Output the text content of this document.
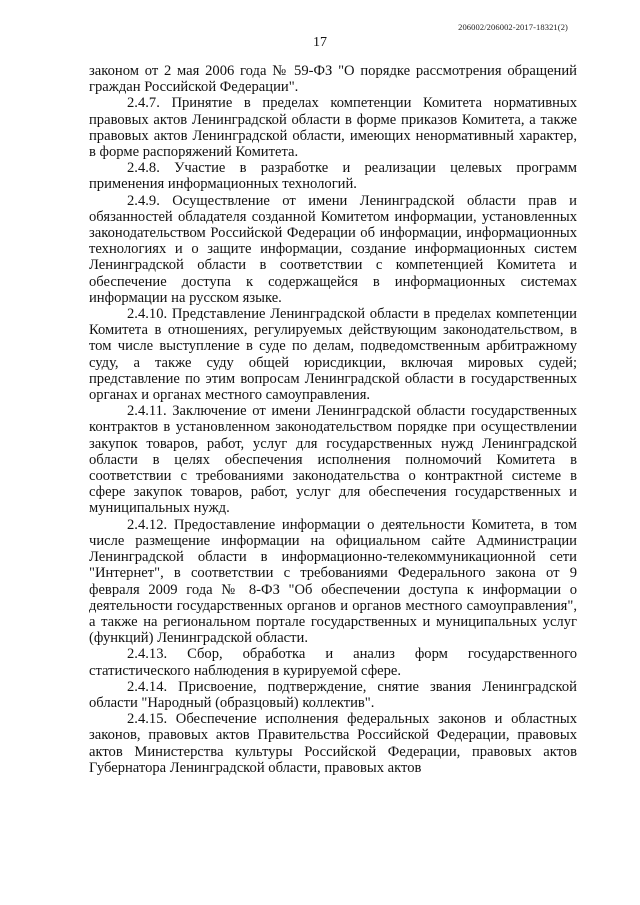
206002/206002-2017-18321(2)
17

законом от 2 мая 2006 года № 59-ФЗ "О порядке рассмотрения обращений граждан Российской Федерации".

2.4.7. Принятие в пределах компетенции Комитета нормативных правовых актов Ленинградской области в форме приказов Комитета, а также правовых актов Ленинградской области, имеющих ненормативный характер, в форме распоряжений Комитета.

2.4.8. Участие в разработке и реализации целевых программ применения информационных технологий.

2.4.9. Осуществление от имени Ленинградской области прав и обязанностей обладателя созданной Комитетом информации, установленных законодательством Российской Федерации об информации, информационных технологиях и о защите информации, создание информационных систем Ленинградской области в соответствии с компетенцией Комитета и обеспечение доступа к содержащейся в информационных системах информации на русском языке.

2.4.10. Представление Ленинградской области в пределах компетенции Комитета в отношениях, регулируемых действующим законодательством, в том числе выступление в суде по делам, подведомственным арбитражному суду, а также суду общей юрисдикции, включая мировых судей; представление по этим вопросам Ленинградской области в государственных органах и органах местного самоуправления.

2.4.11. Заключение от имени Ленинградской области государственных контрактов в установленном законодательством порядке при осуществлении закупок товаров, работ, услуг для государственных нужд Ленинградской области в целях обеспечения исполнения полномочий Комитета в соответствии с требованиями законодательства о контрактной системе в сфере закупок товаров, работ, услуг для обеспечения государственных и муниципальных нужд.

2.4.12. Предоставление информации о деятельности Комитета, в том числе размещение информации на официальном сайте Администрации Ленинградской области в информационно-телекоммуникационной сети "Интернет", в соответствии с требованиями Федерального закона от 9 февраля 2009 года № 8-ФЗ "Об обеспечении доступа к информации о деятельности государственных органов и органов местного самоуправления", а также на региональном портале государственных и муниципальных услуг (функций) Ленинградской области.

2.4.13. Сбор, обработка и анализ форм государственного статистического наблюдения в курируемой сфере.

2.4.14. Присвоение, подтверждение, снятие звания Ленинградской области "Народный (образцовый) коллектив".

2.4.15. Обеспечение исполнения федеральных законов и областных законов, правовых актов Правительства Российской Федерации, правовых актов Министерства культуры Российской Федерации, правовых актов Губернатора Ленинградской области, правовых актов
